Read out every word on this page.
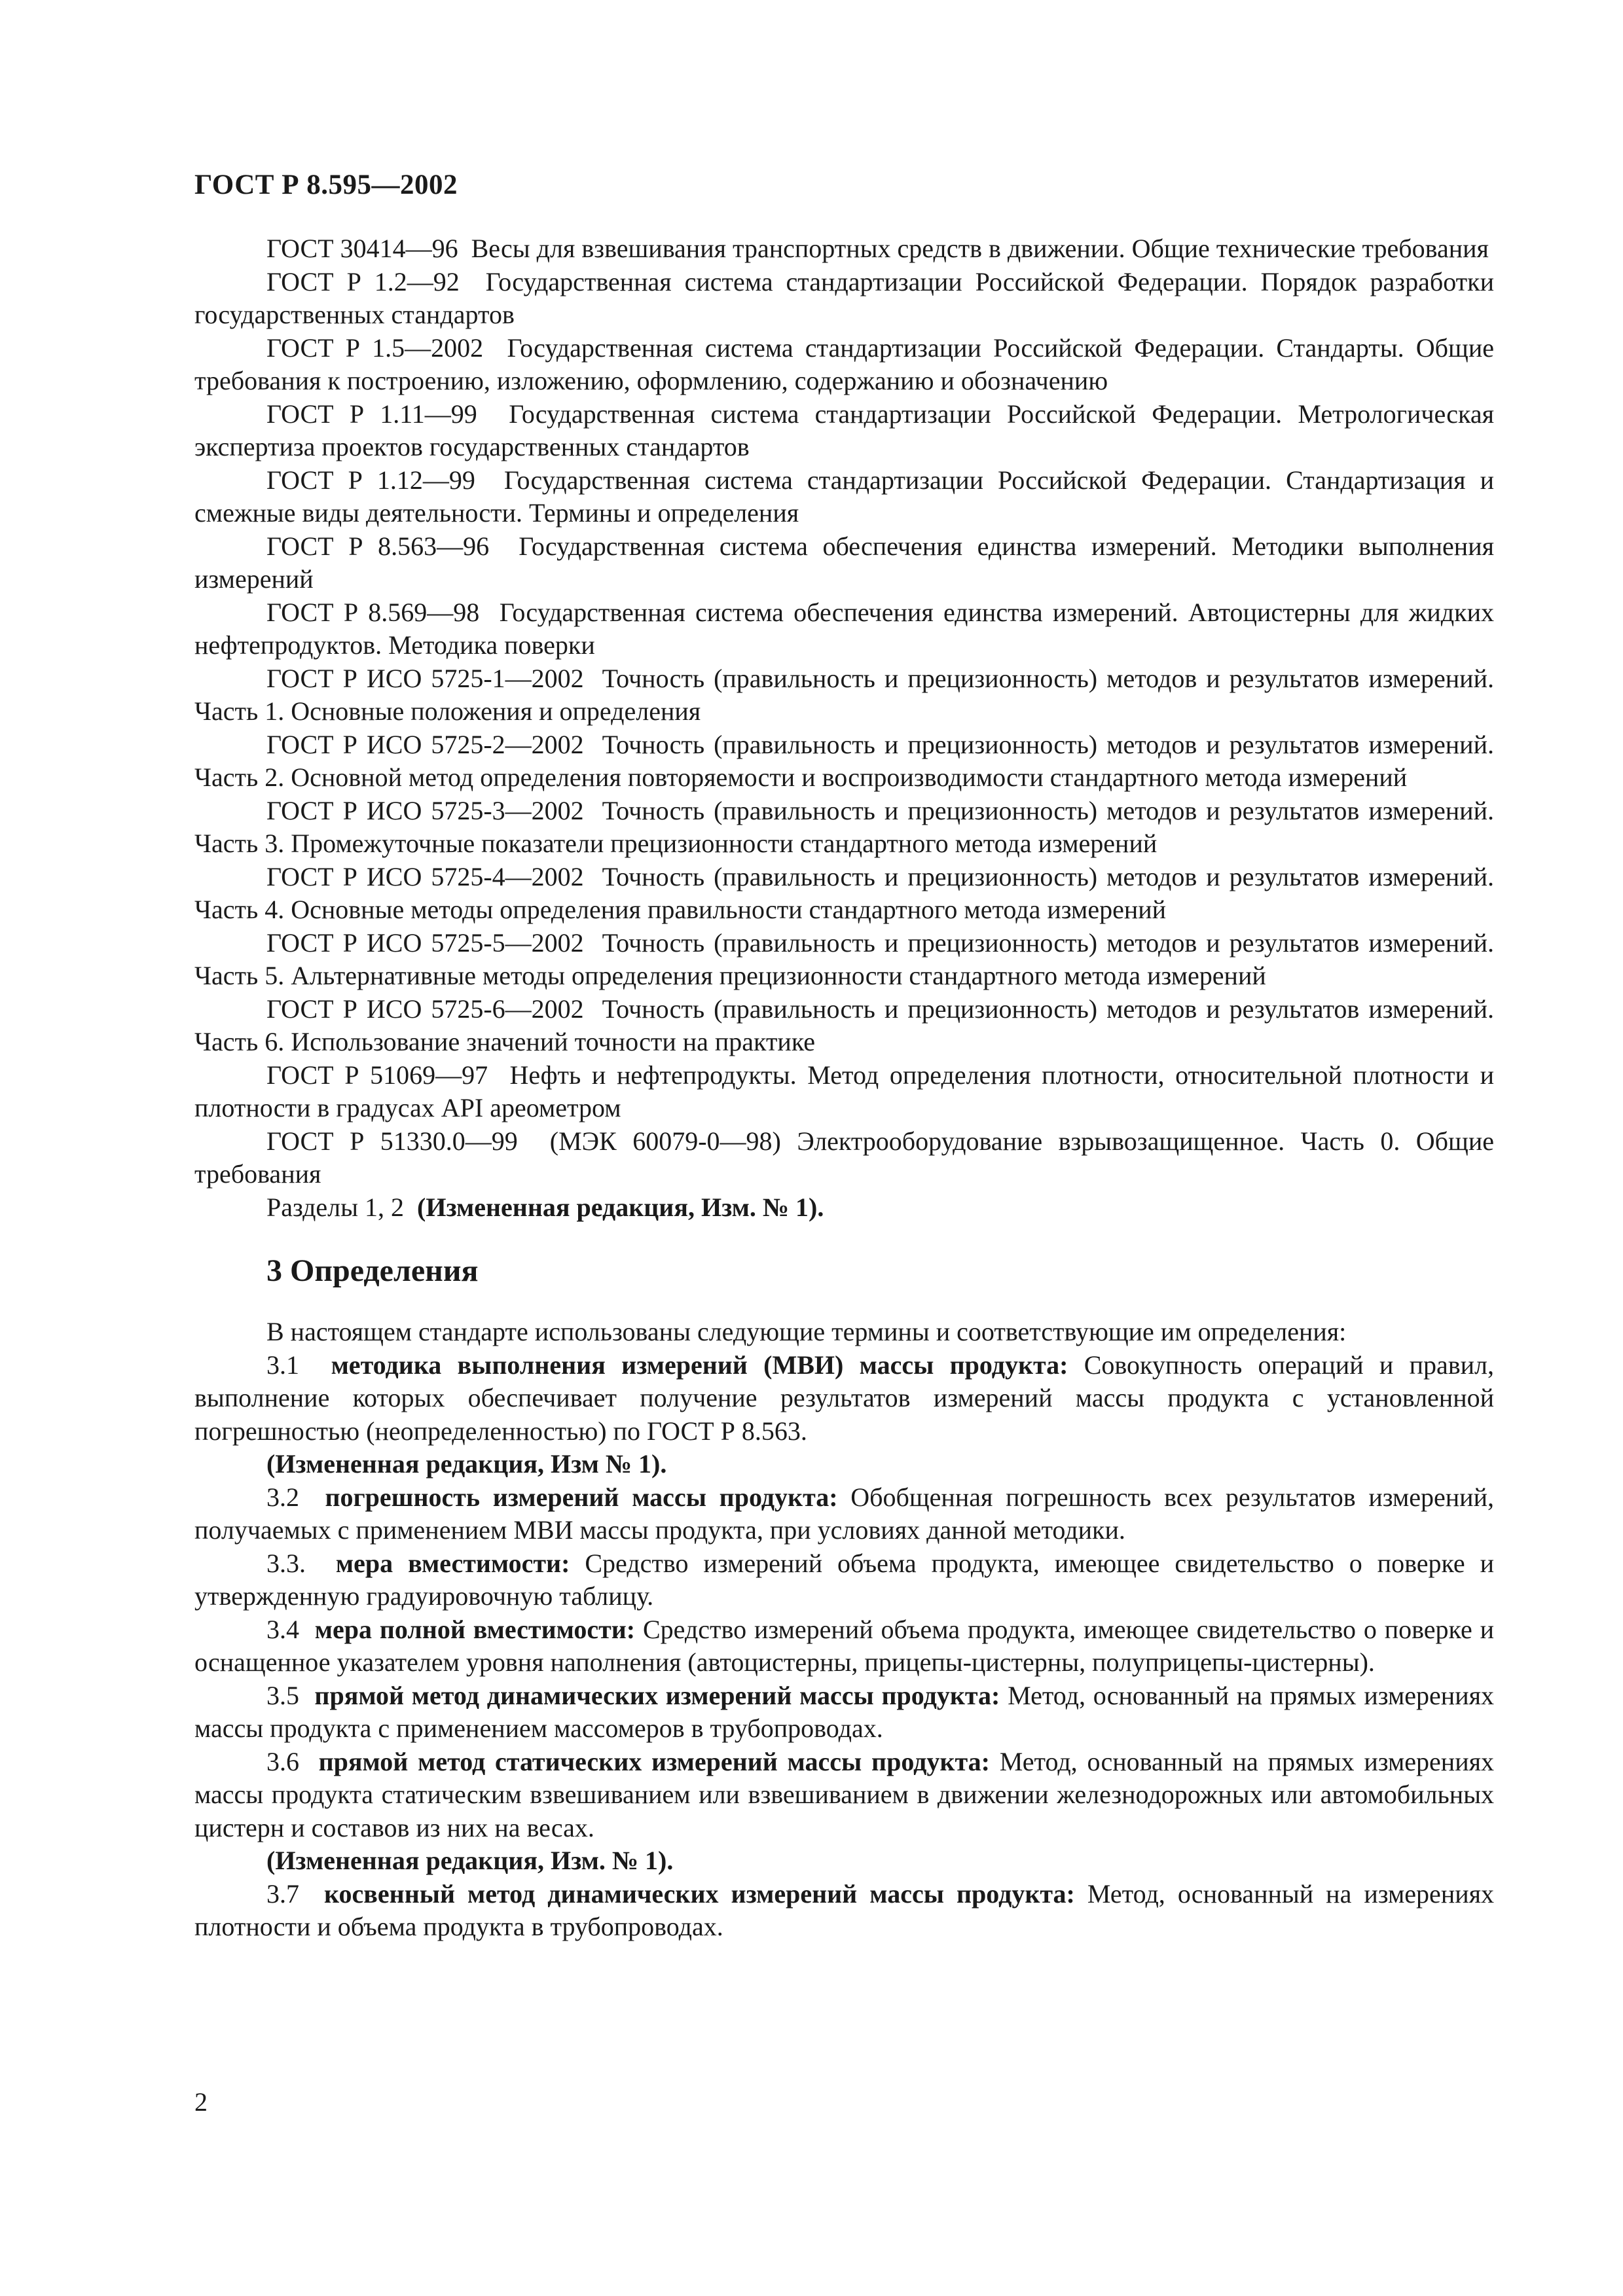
ГОСТ Р 8.595—2002

ГОСТ 30414—96 Весы для взвешивания транспортных средств в движении. Общие технические требования

ГОСТ Р 1.2—92 Государственная система стандартизации Российской Федерации. Порядок разработки государственных стандартов

ГОСТ Р 1.5—2002 Государственная система стандартизации Российской Федерации. Стандарты. Общие требования к построению, изложению, оформлению, содержанию и обозначению

ГОСТ Р 1.11—99 Государственная система стандартизации Российской Федерации. Метрологическая экспертиза проектов государственных стандартов

ГОСТ Р 1.12—99 Государственная система стандартизации Российской Федерации. Стандартизация и смежные виды деятельности. Термины и определения

ГОСТ Р 8.563—96 Государственная система обеспечения единства измерений. Методики выполнения измерений

ГОСТ Р 8.569—98 Государственная система обеспечения единства измерений. Автоцистерны для жидких нефтепродуктов. Методика поверки

ГОСТ Р ИСО 5725-1—2002 Точность (правильность и прецизионность) методов и результатов измерений. Часть 1. Основные положения и определения

ГОСТ Р ИСО 5725-2—2002 Точность (правильность и прецизионность) методов и результатов измерений. Часть 2. Основной метод определения повторяемости и воспроизводимости стандартного метода измерений

ГОСТ Р ИСО 5725-3—2002 Точность (правильность и прецизионность) методов и результатов измерений. Часть 3. Промежуточные показатели прецизионности стандартного метода измерений

ГОСТ Р ИСО 5725-4—2002 Точность (правильность и прецизионность) методов и результатов измерений. Часть 4. Основные методы определения правильности стандартного метода измерений

ГОСТ Р ИСО 5725-5—2002 Точность (правильность и прецизионность) методов и результатов измерений. Часть 5. Альтернативные методы определения прецизионности стандартного метода измерений

ГОСТ Р ИСО 5725-6—2002 Точность (правильность и прецизионность) методов и результатов измерений. Часть 6. Использование значений точности на практике

ГОСТ Р 51069—97 Нефть и нефтепродукты. Метод определения плотности, относительной плотности и плотности в градусах API ареометром

ГОСТ Р 51330.0—99 (МЭК 60079-0—98) Электрооборудование взрывозащищенное. Часть 0. Общие требования

Разделы 1, 2 (Измененная редакция, Изм. № 1).

3 Определения

В настоящем стандарте использованы следующие термины и соответствующие им определения:

3.1 методика выполнения измерений (МВИ) массы продукта: Совокупность операций и правил, выполнение которых обеспечивает получение результатов измерений массы продукта с установленной погрешностью (неопределенностью) по ГОСТ Р 8.563.

(Измененная редакция, Изм № 1).

3.2 погрешность измерений массы продукта: Обобщенная погрешность всех результатов измерений, получаемых с применением МВИ массы продукта, при условиях данной методики.

3.3. мера вместимости: Средство измерений объема продукта, имеющее свидетельство о поверке и утвержденную градуировочную таблицу.

3.4 мера полной вместимости: Средство измерений объема продукта, имеющее свидетельство о поверке и оснащенное указателем уровня наполнения (автоцистерны, прицепы-цистерны, полуприцепы-цистерны).

3.5 прямой метод динамических измерений массы продукта: Метод, основанный на прямых измерениях массы продукта с применением массомеров в трубопроводах.

3.6 прямой метод статических измерений массы продукта: Метод, основанный на прямых измерениях массы продукта статическим взвешиванием или взвешиванием в движении железнодорожных или автомобильных цистерн и составов из них на весах.

(Измененная редакция, Изм. № 1).

3.7 косвенный метод динамических измерений массы продукта: Метод, основанный на измерениях плотности и объема продукта в трубопроводах.

2
